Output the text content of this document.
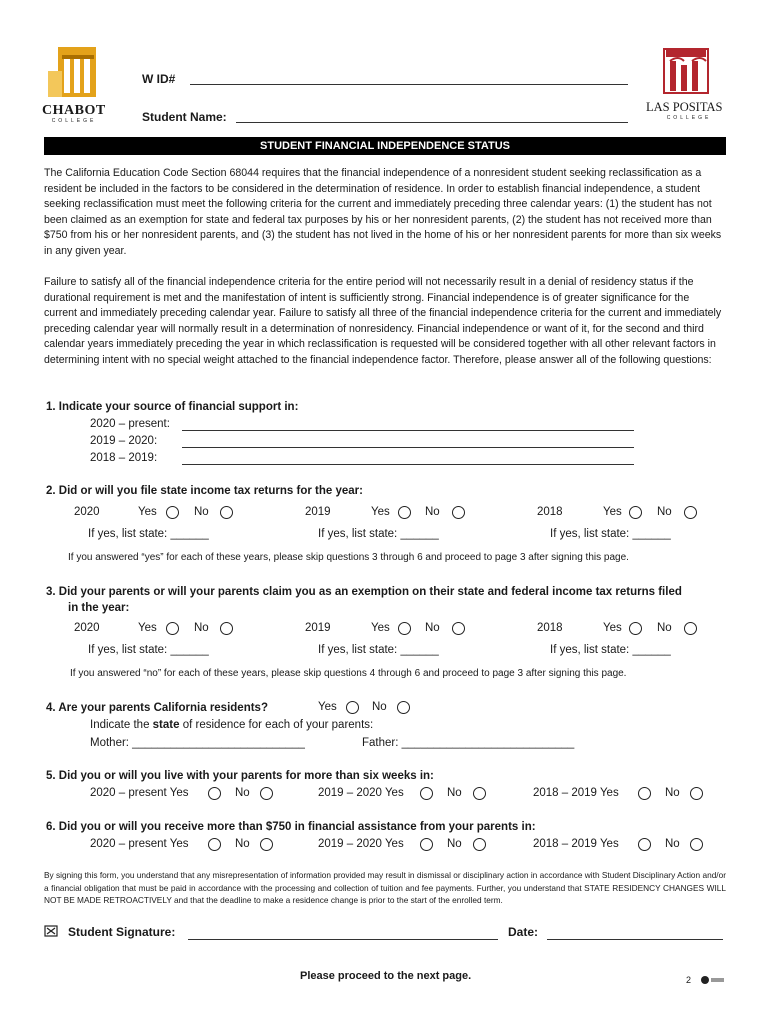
CHABOT
COLLEGE
LAS POSITAS
COLLEGE
W ID#
Student Name:
STUDENT FINANCIAL INDEPENDENCE STATUS
The California Education Code Section 68044 requires that the financial independence of a nonresident student seeking reclassification as a resident be included in the factors to be considered in the determination of residence. In order to establish financial independence, a student seeking reclassification must meet the following criteria for the current and immediately preceding three calendar years: (1) the student has not been claimed as an exemption for state and federal tax purposes by his or her nonresident parents, (2) the student has not received more than $750 from his or her nonresident parents, and (3) the student has not lived in the home of his or her nonresident parents for more than six weeks in any given year.
Failure to satisfy all of the financial independence criteria for the entire period will not necessarily result in a denial of residency status if the durational requirement is met and the manifestation of intent is sufficiently strong. Financial independence is of greater significance for the current and immediately preceding calendar year. Failure to satisfy all three of the financial independence criteria for the current and immediately preceding calendar year will normally result in a determination of nonresidency. Financial independence or want of it, for the second and third calendar years immediately preceding the year in which reclassification is requested will be considered together with all other relevant factors in determining intent with no special weight attached to the financial independence factor. Therefore, please answer all of the following questions:
1. Indicate your source of financial support in:
2020 – present:
2019 – 2020:
2018 – 2019:
2. Did or will you file state income tax returns for the year:
2020	Yes	No
If yes, list state: ______
2019	Yes	No
If yes, list state: ______
2018	Yes	No
If yes, list state: ______
If you answered “yes” for each of these years, please skip questions 3 through 6 and proceed to page 3 after signing this page.
3. Did your parents or will your parents claim you as an exemption on their state and federal income tax returns filed
in the year:
2020	Yes	No
If yes, list state: ______
2019	Yes	No
If yes, list state: ______
2018	Yes	No
If yes, list state: ______
If you answered “no” for each of these years, please skip questions 4 through 6 and proceed to page 3 after signing this page.
4. Are your parents California residents?	Yes	No
Indicate the state of residence for each of your parents:
Mother: ___________________________	Father: ___________________________
5. Did you or will you live with your parents for more than six weeks in:
2020 – present Yes	No	2019 – 2020 Yes	No	2018 – 2019 Yes	No
6. Did you or will you receive more than $750 in financial assistance from your parents in:
2020 – present Yes	No	2019 – 2020 Yes	No	2018 – 2019 Yes	No
By signing this form, you understand that any misrepresentation of information provided may result in dismissal or disciplinary action in accordance with Student Disciplinary Action and/or a financial obligation that must be paid in accordance with the processing and collection of tuition and fee payments. Further, you understand that STATE RESIDENCY CHANGES WILL NOT BE MADE RETROACTIVELY and that the deadline to make a residence change is prior to the start of the enrolled term.
Student Signature:	Date:
Please proceed to the next page.	2
